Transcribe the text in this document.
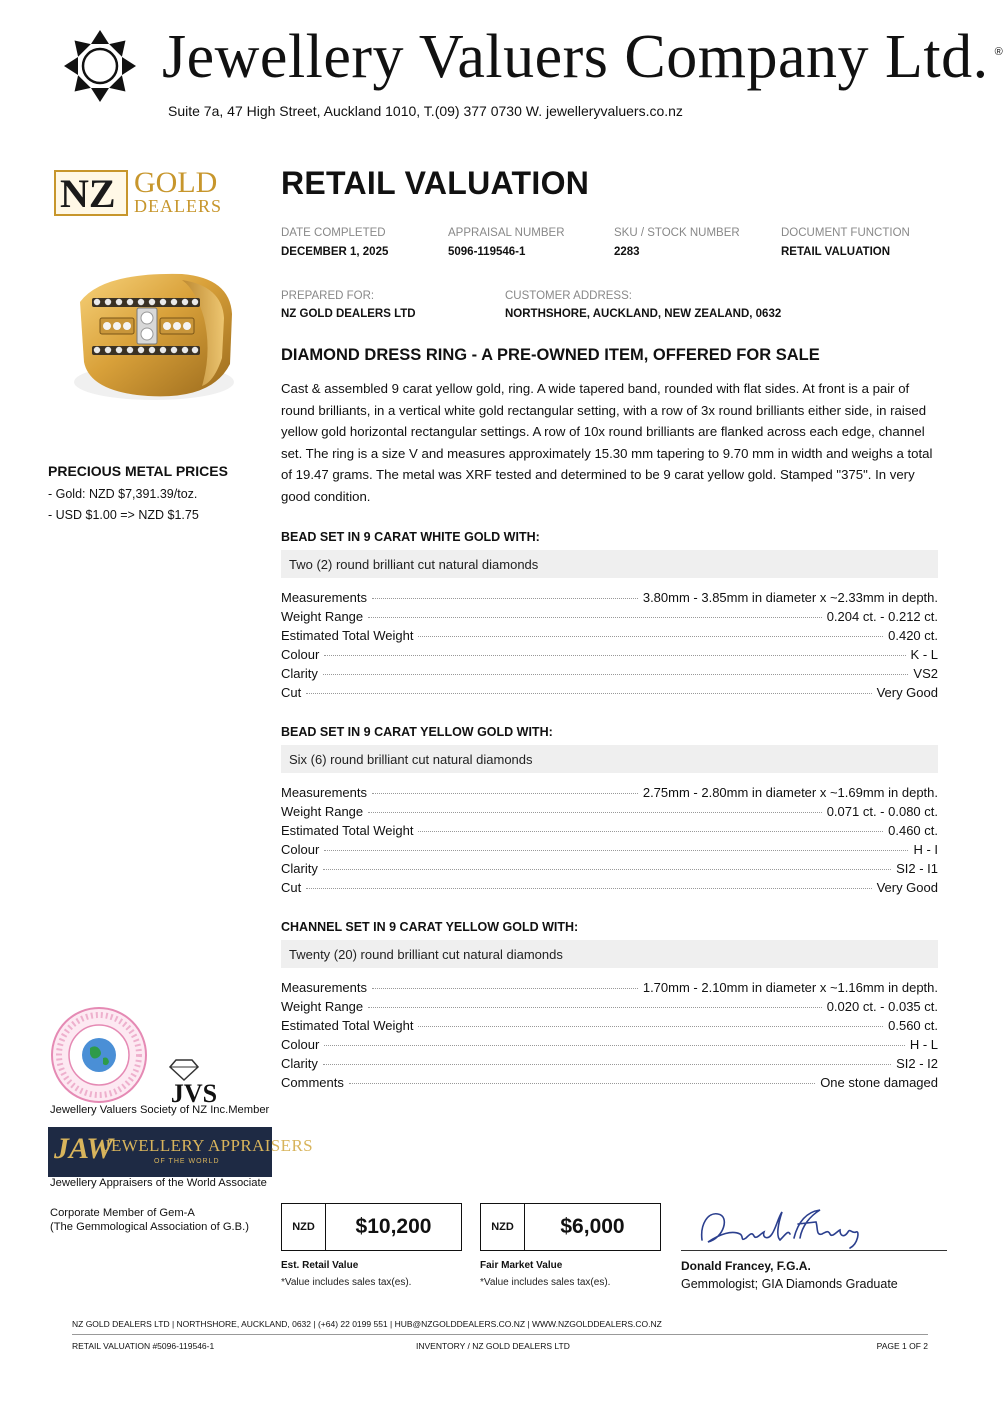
Jewellery Valuers Company Ltd. ®
Suite 7a, 47 High Street, Auckland 1010, T.(09) 377 0730 W. jewelleryvaluers.co.nz
NZ GOLD
DEALERS
PRECIOUS METAL PRICES
- Gold: NZD $7,391.39/toz.
- USD $1.00 => NZD $1.75
RETAIL VALUATION
DATE COMPLETED
DECEMBER 1, 2025
APPRAISAL NUMBER
5096-119546-1
SKU / STOCK NUMBER
2283
DOCUMENT FUNCTION
RETAIL VALUATION
PREPARED FOR:
NZ GOLD DEALERS LTD
CUSTOMER ADDRESS:
NORTHSHORE, AUCKLAND, NEW ZEALAND, 0632
DIAMOND DRESS RING - A PRE-OWNED ITEM, OFFERED FOR SALE
Cast & assembled 9 carat yellow gold, ring. A wide tapered band, rounded with flat sides. At front is a pair of round brilliants, in a vertical white gold rectangular setting, with a row of 3x round brilliants either side, in raised yellow gold horizontal rectangular settings. A row of 10x round brilliants are flanked across each edge, channel set. The ring is a size V and measures approximately 15.30 mm tapering to 9.70 mm in width and weighs a total of 19.47 grams. The metal was XRF tested and determined to be 9 carat yellow gold. Stamped "375". In very good condition.
BEAD SET IN 9 CARAT WHITE GOLD WITH:
Two (2) round brilliant cut natural diamonds
Measurements	3.80mm - 3.85mm in diameter x ~2.33mm in depth.
Weight Range	0.204 ct. - 0.212 ct.
Estimated Total Weight	0.420 ct.
Colour	K - L
Clarity	VS2
Cut	Very Good
BEAD SET IN 9 CARAT YELLOW GOLD WITH:
Six (6) round brilliant cut natural diamonds
Measurements	2.75mm - 2.80mm in diameter x ~1.69mm in depth.
Weight Range	0.071 ct. - 0.080 ct.
Estimated Total Weight	0.460 ct.
Colour	H - I
Clarity	SI2 - I1
Cut	Very Good
CHANNEL SET IN 9 CARAT YELLOW GOLD WITH:
Twenty (20) round brilliant cut natural diamonds
Measurements	1.70mm - 2.10mm in diameter x ~1.16mm in depth.
Weight Range	0.020 ct. - 0.035 ct.
Estimated Total Weight	0.560 ct.
Colour	H - L
Clarity	SI2 - I2
Comments	One stone damaged
JVS
Jewellery Valuers Society of NZ Inc.Member
JAW
JEWELLERY APPRAISERS
OF THE WORLD
Jewellery Appraisers of the World Associate
Corporate Member of Gem-A
(The Gemmological Association of G.B.)	NZD	$10,200
Est. Retail Value
*Value includes sales tax(es).
NZD	$6,000
Fair Market Value
*Value includes sales tax(es).
Donald Francey, F.G.A.
Gemmologist; GIA Diamonds Graduate
NZ GOLD DEALERS LTD | NORTHSHORE, AUCKLAND, 0632 | (+64) 22 0199 551 | HUB@NZGOLDDEALERS.CO.NZ | WWW.NZGOLDDEALERS.CO.NZ
RETAIL VALUATION #5096-119546-1	INVENTORY / NZ GOLD DEALERS LTD	PAGE 1 OF 2
